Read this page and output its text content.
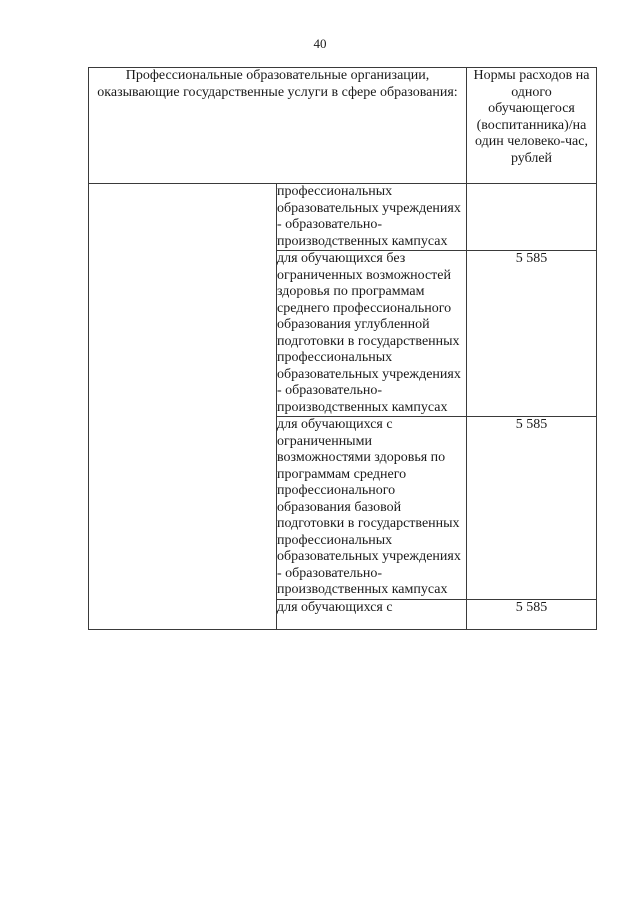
40
Профессиональные образовательные организации, оказывающие государственные услуги в сфере образования:		Нормы расходов на одного обучающегося (воспитанника)/на один человеко-час, рублей
	профессиональных образовательных учреждениях - образовательно-производственных кампусах	
	для обучающихся без ограниченных возможностей здоровья по программам среднего профессионального образования углубленной подготовки в государственных профессиональных образовательных учреждениях - образовательно-производственных кампусах	5 585
	для обучающихся с ограниченными возможностями здоровья по программам среднего профессионального образования базовой подготовки в государственных профессиональных образовательных учреждениях - образовательно-производственных кампусах	5 585
	для обучающихся с	5 585
